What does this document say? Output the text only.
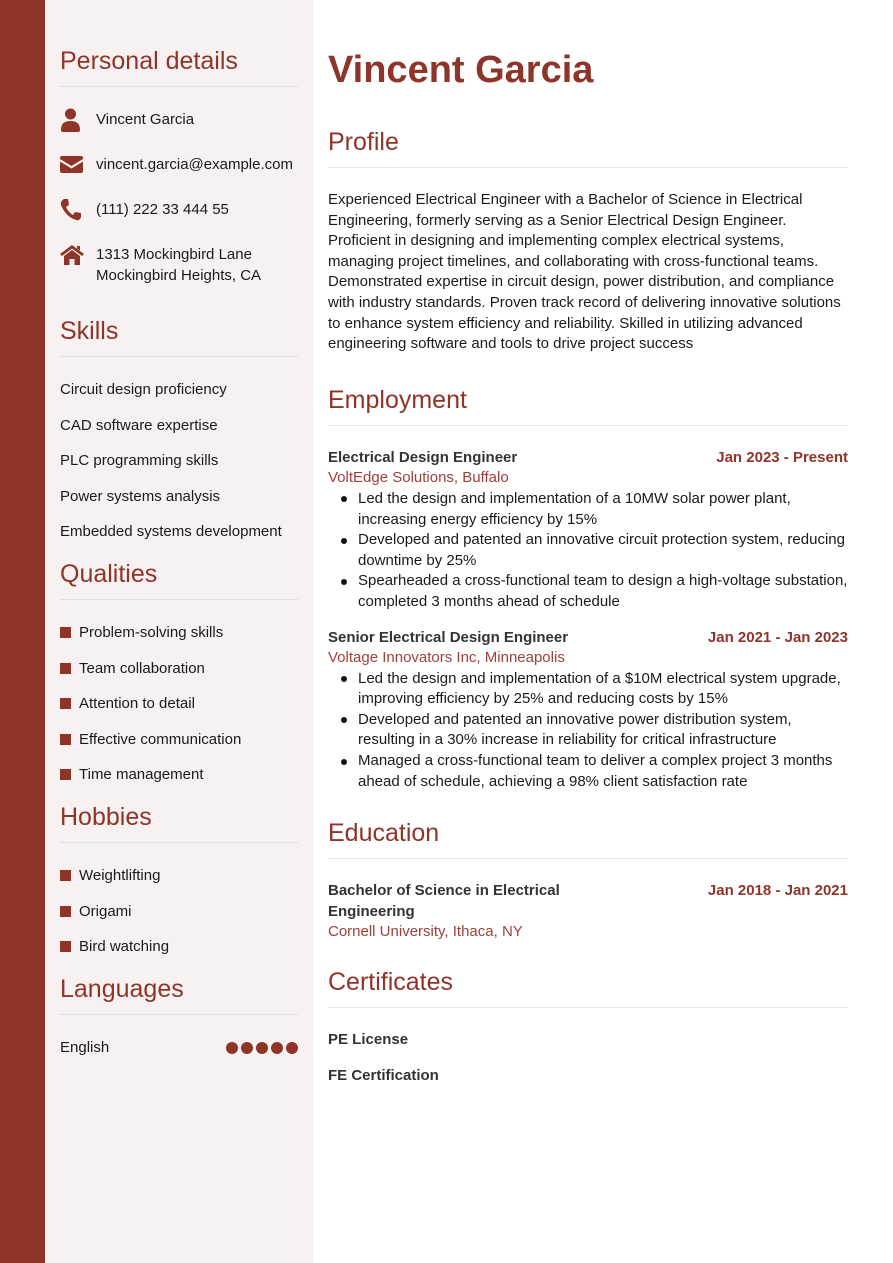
Personal details
Vincent Garcia
vincent.garcia@example.com
(111) 222 33 444 55
1313 Mockingbird Lane
Mockingbird Heights, CA
Skills
Circuit design proficiency
CAD software expertise
PLC programming skills
Power systems analysis
Embedded systems development
Qualities
Problem-solving skills
Team collaboration
Attention to detail
Effective communication
Time management
Hobbies
Weightlifting
Origami
Bird watching
Languages
English
Vincent Garcia
Profile

Experienced Electrical Engineer with a Bachelor of Science in Electrical Engineering, formerly serving as a Senior Electrical Design Engineer. Proficient in designing and implementing complex electrical systems, managing project timelines, and collaborating with cross-functional teams. Demonstrated expertise in circuit design, power distribution, and compliance with industry standards. Proven track record of delivering innovative solutions to enhance system efficiency and reliability. Skilled in utilizing advanced engineering software and tools to drive project success

Employment
Electrical Design Engineer	Jan 2023 - Present
VoltEdge Solutions, Buffalo
Led the design and implementation of a 10MW solar power plant, increasing energy efficiency by 15%
Developed and patented an innovative circuit protection system, reducing downtime by 25%
Spearheaded a cross-functional team to design a high-voltage substation, completed 3 months ahead of schedule
Senior Electrical Design Engineer	Jan 2021 - Jan 2023
Voltage Innovators Inc, Minneapolis
Led the design and implementation of a $10M electrical system upgrade, improving efficiency by 25% and reducing costs by 15%
Developed and patented an innovative power distribution system, resulting in a 30% increase in reliability for critical infrastructure
Managed a cross-functional team to deliver a complex project 3 months ahead of schedule, achieving a 98% client satisfaction rate
Education
Bachelor of Science in Electrical Engineering
Jan 2018 - Jan 2021
Cornell University, Ithaca, NY
Certificates
PE License
FE Certification
